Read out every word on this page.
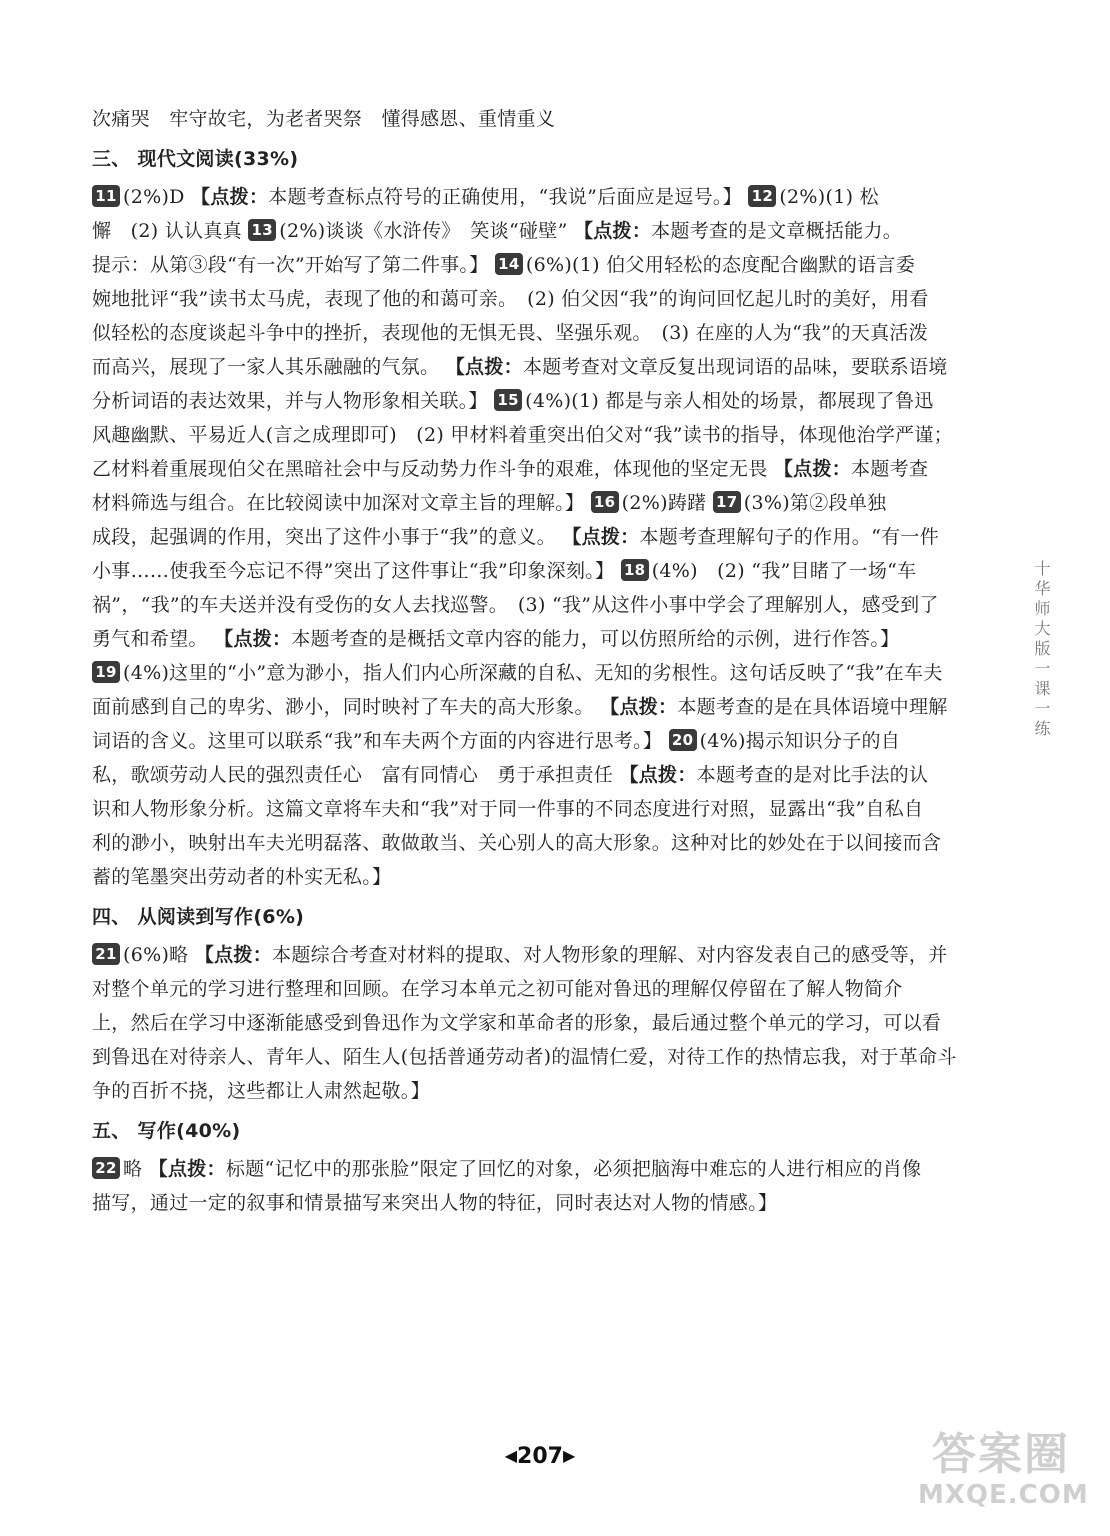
次痛哭　牢守故宅，为老者哭祭　懂得感恩、重情重义
三、 现代文阅读(33%)
11 (2%)D 【点拨：本题考查标点符号的正确使用，“我说”后面应是逗号。】 12 (2%)(1) 松
懈　(2) 认认真真 13 (2%)谈谈《水浒传》　笑谈“碰壁” 【点拨：本题考查的是文章概括能力。
提示：从第③段“有一次”开始写了第二件事。】 14 (6%)(1) 伯父用轻松的态度配合幽默的语言委
婉地批评“我”读书太马虎，表现了他的和蔼可亲。　(2) 伯父因“我”的询问回忆起儿时的美好，用看
似轻松的态度谈起斗争中的挫折，表现他的无惧无畏、坚强乐观。　(3) 在座的人为“我”的天真活泼
而高兴，展现了一家人其乐融融的气氛。 【点拨：本题考查对文章反复出现词语的品味，要联系语境
分析词语的表达效果，并与人物形象相关联。】 15 (4%)(1) 都是与亲人相处的场景，都展现了鲁迅
风趣幽默、平易近人(言之成理即可)　(2) 甲材料着重突出伯父对“我”读书的指导，体现他治学严谨；
乙材料着重展现伯父在黑暗社会中与反动势力作斗争的艰难，体现他的坚定无畏 【点拨：本题考查
材料筛选与组合。在比较阅读中加深对文章主旨的理解。】 16 (2%)踌躇 17 (3%)第②段单独
成段，起强调的作用，突出了这件小事于“我”的意义。 【点拨：本题考查理解句子的作用。“有一件
小事……使我至今忘记不得”突出了这件事让“我”印象深刻。】 18 (4%)　(2) “我”目睹了一场“车
祸”，“我”的车夫送并没有受伤的女人去找巡警。　(3) “我”从这件小事中学会了理解别人，感受到了
勇气和希望。 【点拨：本题考查的是概括文章内容的能力，可以仿照所给的示例，进行作答。】
19 (4%)这里的“小”意为渺小，指人们内心所深藏的自私、无知的劣根性。这句话反映了“我”在车夫
面前感到自己的卑劣、渺小，同时映衬了车夫的高大形象。 【点拨：本题考查的是在具体语境中理解
词语的含义。这里可以联系“我”和车夫两个方面的内容进行思考。】 20 (4%)揭示知识分子的自
私，歌颂劳动人民的强烈责任心　富有同情心　勇于承担责任 【点拨：本题考查的是对比手法的认
识和人物形象分析。这篇文章将车夫和“我”对于同一件事的不同态度进行对照，显露出“我”自私自
利的渺小，映射出车夫光明磊落、敢做敢当、关心别人的高大形象。这种对比的妙处在于以间接而含
蓄的笔墨突出劳动者的朴实无私。】
四、 从阅读到写作(6%)
21 (6%)略 【点拨：本题综合考查对材料的提取、对人物形象的理解、对内容发表自己的感受等，并
对整个单元的学习进行整理和回顾。在学习本单元之初可能对鲁迅的理解仅停留在了解人物简介
上，然后在学习中逐渐能感受到鲁迅作为文学家和革命者的形象，最后通过整个单元的学习，可以看
到鲁迅在对待亲人、青年人、陌生人(包括普通劳动者)的温情仁爱，对待工作的热情忘我，对于革命斗
争的百折不挠，这些都让人肃然起敬。】
五、 写作(40%)
22 略 【点拨：标题“记忆中的那张脸”限定了回忆的对象，必须把脑海中难忘的人进行相应的肖像
描写，通过一定的叙事和情景描写来突出人物的特征，同时表达对人物的情感。】
十华师大版一课一练
◀207▶	答案圈
MXQE.COM
